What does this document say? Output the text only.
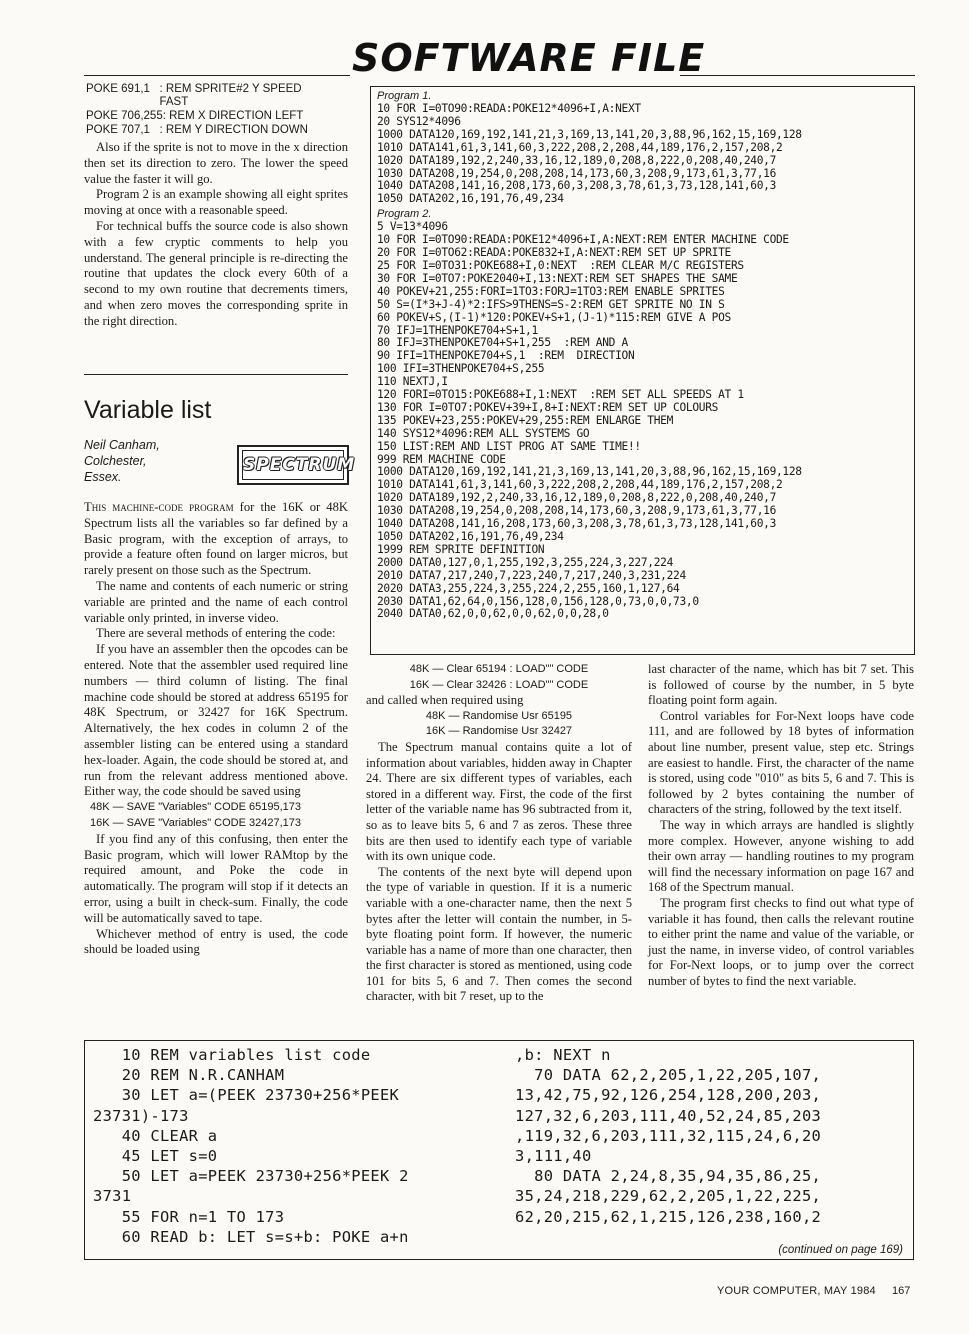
SOFTWARE FILE
POKE 691,1   : REM SPRITE#2 Y SPEED
FAST
POKE 706,255: REM X DIRECTION LEFT
POKE 707,1   : REM Y DIRECTION DOWN

Also if the sprite is not to move in the x direction then set its direction to zero. The lower the speed value the faster it will go.

Program 2 is an example showing all eight sprites moving at once with a reasonable speed.

For technical buffs the source code is also shown with a few cryptic comments to help you understand. The general principle is re-directing the routine that updates the clock every 60th of a second to my own routine that decrements timers, and when zero moves the corresponding sprite in the right direction.

Variable list
Neil Canham,
Colchester,
Essex.
SPECTRUM

This machine-code program for the 16K or 48K Spectrum lists all the variables so far defined by a Basic program, with the exception of arrays, to provide a feature often found on larger micros, but rarely present on those such as the Spectrum.

The name and contents of each numeric or string variable are printed and the name of each control variable only printed, in inverse video.

There are several methods of entering the code:

If you have an assembler then the opcodes can be entered. Note that the assembler used required line numbers — third column of listing. The final machine code should be stored at address 65195 for 48K Spectrum, or 32427 for 16K Spectrum. Alternatively, the hex codes in column 2 of the assembler listing can be entered using a standard hex-loader. Again, the code should be stored at, and run from the relevant address mentioned above. Either way, the code should be saved using

48K — SAVE "Variables" CODE 65195,173

16K — SAVE "Variables" CODE 32427,173

If you find any of this confusing, then enter the Basic program, which will lower RAMtop by the required amount, and Poke the code in automatically. The program will stop if it detects an error, using a built in check-sum. Finally, the code will be automatically saved to tape.

Whichever method of entry is used, the code should be loaded using

Program 1.

10 FOR I=0TO90:READA:POKE12*4096+I,A:NEXT

20 SYS12*4096

1000 DATA120,169,192,141,21,3,169,13,141,20,3,88,96,162,15,169,128

1010 DATA141,61,3,141,60,3,222,208,2,208,44,189,176,2,157,208,2

1020 DATA189,192,2,240,33,16,12,189,0,208,8,222,0,208,40,240,7

1030 DATA208,19,254,0,208,208,14,173,60,3,208,9,173,61,3,77,16

1040 DATA208,141,16,208,173,60,3,208,3,78,61,3,73,128,141,60,3

1050 DATA202,16,191,76,49,234

Program 2.

5 V=13*4096

10 FOR I=0TO90:READA:POKE12*4096+I,A:NEXT:REM ENTER MACHINE CODE

20 FOR I=0TO62:READA:POKE832+I,A:NEXT:REM SET UP SPRITE

25 FOR I=0TO31:POKE688+I,0:NEXT  :REM CLEAR M/C REGISTERS

30 FOR I=0TO7:POKE2040+I,13:NEXT:REM SET SHAPES THE SAME

40 POKEV+21,255:FORI=1TO3:FORJ=1TO3:REM ENABLE SPRITES

50 S=(I*3+J-4)*2:IFS>9THENS=S-2:REM GET SPRITE NO IN S

60 POKEV+S,(I-1)*120:POKEV+S+1,(J-1)*115:REM GIVE A POS

70 IFJ=1THENPOKE704+S+1,1

80 IFJ=3THENPOKE704+S+1,255  :REM AND A

90 IFI=1THENPOKE704+S,1  :REM  DIRECTION

100 IFI=3THENPOKE704+S,255

110 NEXTJ,I

120 FORI=0TO15:POKE688+I,1:NEXT  :REM SET ALL SPEEDS AT 1

130 FOR I=0TO7:POKEV+39+I,8+I:NEXT:REM SET UP COLOURS

135 POKEV+23,255:POKEV+29,255:REM ENLARGE THEM

140 SYS12*4096:REM ALL SYSTEMS GO

150 LIST:REM AND LIST PROG AT SAME TIME!!

999 REM MACHINE CODE

1000 DATA120,169,192,141,21,3,169,13,141,20,3,88,96,162,15,169,128

1010 DATA141,61,3,141,60,3,222,208,2,208,44,189,176,2,157,208,2

1020 DATA189,192,2,240,33,16,12,189,0,208,8,222,0,208,40,240,7

1030 DATA208,19,254,0,208,208,14,173,60,3,208,9,173,61,3,77,16

1040 DATA208,141,16,208,173,60,3,208,3,78,61,3,73,128,141,60,3

1050 DATA202,16,191,76,49,234

1999 REM SPRITE DEFINITION

2000 DATA0,127,0,1,255,192,3,255,224,3,227,224

2010 DATA7,217,240,7,223,240,7,217,240,3,231,224

2020 DATA3,255,224,3,255,224,2,255,160,1,127,64

2030 DATA1,62,64,0,156,128,0,156,128,0,73,0,0,73,0

2040 DATA0,62,0,0,62,0,0,62,0,0,28,0

48K — Clear 65194 : LOAD"" CODE

16K — Clear 32426 : LOAD"" CODE

and called when required using

48K — Randomise Usr 65195

16K — Randomise Usr 32427

The Spectrum manual contains quite a lot of information about variables, hidden away in Chapter 24. There are six different types of variables, each stored in a different way. First, the code of the first letter of the variable name has 96 subtracted from it, so as to leave bits 5, 6 and 7 as zeros. These three bits are then used to identify each type of variable with its own unique code.

The contents of the next byte will depend upon the type of variable in question. If it is a numeric variable with a one-character name, then the next 5 bytes after the letter will contain the number, in 5-byte floating point form. If however, the numeric variable has a name of more than one character, then the first character is stored as mentioned, using code 101 for bits 5, 6 and 7. Then comes the second character, with bit 7 reset, up to the

last character of the name, which has bit 7 set. This is followed of course by the number, in 5 byte floating point form again.

Control variables for For-Next loops have code 111, and are followed by 18 bytes of information about line number, present value, step etc. Strings are easiest to handle. First, the character of the name is stored, using code "010" as bits 5, 6 and 7. This is followed by 2 bytes containing the number of characters of the string, followed by the text itself.

The way in which arrays are handled is slightly more complex. However, anyone wishing to add their own array — handling routines to my program will find the necessary information on page 167 and 168 of the Spectrum manual.

The program first checks to find out what type of variable it has found, then calls the relevant routine to either print the name and value of the variable, or just the name, in inverse video, of control variables for For-Next loops, or to jump over the correct number of bytes to find the next variable.

10 REM variables list code

20 REM N.R.CANHAM

30 LET a=(PEEK 23730+256*PEEK

23731)-173

40 CLEAR a

45 LET s=0

50 LET a=PEEK 23730+256*PEEK 2

3731

55 FOR n=1 TO 173

60 READ b: LET s=s+b: POKE a+n

,b: NEXT n

70 DATA 62,2,205,1,22,205,107,

13,42,75,92,126,254,128,200,203,

127,32,6,203,111,40,52,24,85,203

,119,32,6,203,111,32,115,24,6,20

3,111,40

80 DATA 2,24,8,35,94,35,86,25,

35,24,218,229,62,2,205,1,22,225,

62,20,215,62,1,215,126,238,160,2

(continued on page 169)
YOUR COMPUTER, MAY 1984 167
